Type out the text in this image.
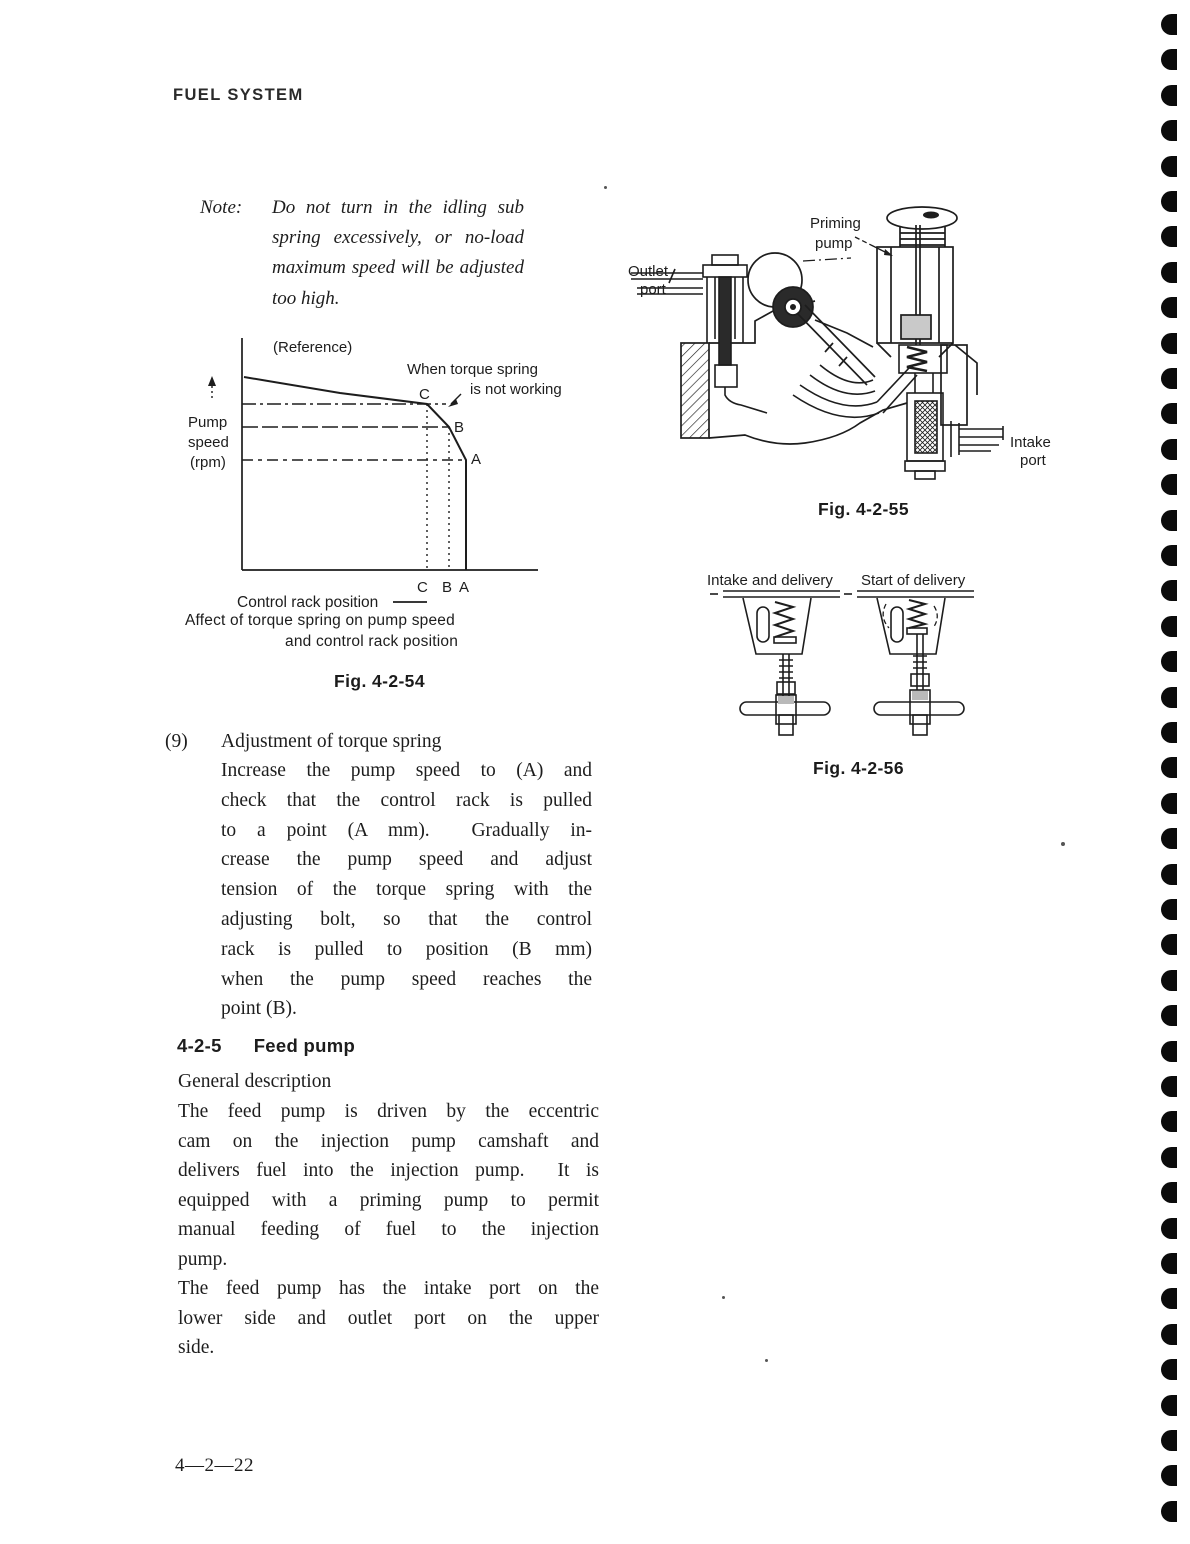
FUEL SYSTEM
Note: Do not turn in the idling sub
spring  excessively,  or  no-load
maximum speed will be adjusted
too high.
(Reference)
When torque spring
is not working
Pump
speed
(rpm)
C
B
A
C B A
Control rack position
Affect of torque spring on pump speed
and control rack position
Fig. 4-2-54
Priming
pump
Outlet
port
Intake
port
Fig. 4-2-55
Intake and delivery Start of delivery
Fig. 4-2-56
(9) Adjustment of torque spring
Increase the pump speed to (A) and
check that the control rack is pulled
to a point (A mm).  Gradually in-
crease the pump speed and adjust
tension of the torque spring with the
adjusting bolt, so that the control
rack is pulled to position (B mm)
when the pump speed reaches the
point (B).
4-2-5 Feed pump
General description
The feed pump is driven by the eccentric
cam on the injection pump camshaft and
delivers fuel into the injection pump.  It is
equipped with a priming pump to permit
manual feeding of fuel to the injection
pump.
The feed pump has the intake port on the
lower side and outlet port on the upper
side.
4—2—22
